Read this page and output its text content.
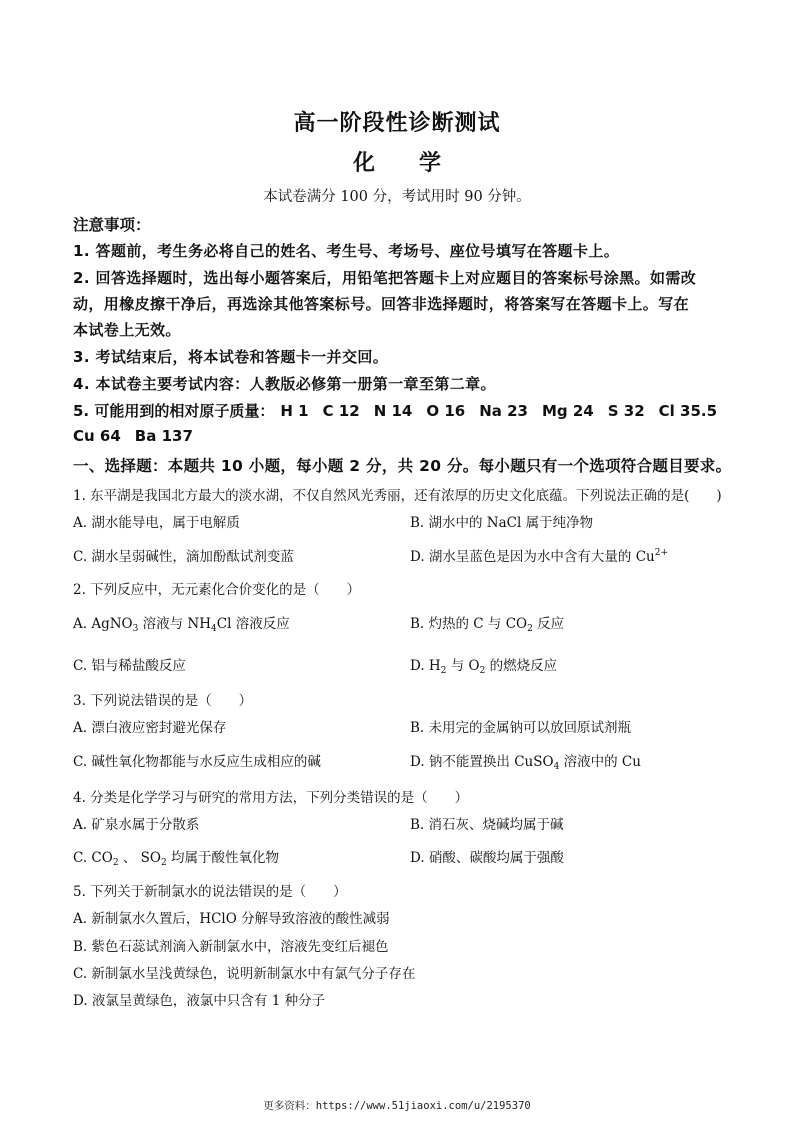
高一阶段性诊断测试
化 学
本试卷满分 100 分，考试用时 90 分钟。
注意事项：
1. 答题前，考生务必将自己的姓名、考生号、考场号、座位号填写在答题卡上。
2. 回答选择题时，选出每小题答案后，用铅笔把答题卡上对应题目的答案标号涂黑。如需改
动，用橡皮擦干净后，再选涂其他答案标号。回答非选择题时，将答案写在答题卡上。写在
本试卷上无效。
3. 考试结束后，将本试卷和答题卡一并交回。
4. 本试卷主要考试内容：人教版必修第一册第一章至第二章。
5. 可能用到的相对原子质量： H 1 C 12 N 14 O 16 Na 23 Mg 24 S 32 Cl 35.5
Cu 64 Ba 137
一、选择题：本题共 10 小题，每小题 2 分，共 20 分。每小题只有一个选项符合题目要求。
1. 东平湖是我国北方最大的淡水湖，不仅自然风光秀丽，还有浓厚的历史文化底蕴。下列说法正确的是(　　)
A. 湖水能导电，属于电解质	B. 湖水中的 NaCl 属于纯净物
C. 湖水呈弱碱性，滴加酚酞试剂变蓝	D. 湖水呈蓝色是因为水中含有大量的 $Cu^{2+}$
2. 下列反应中，无元素化合价变化的是（　　）
A. AgNO$_3$ 溶液与 $NH_4Cl$ 溶液反应	B. 灼热的 C 与 $CO_2$ 反应
C. 铝与稀盐酸反应	D. $H_2$ 与 $O_2$ 的燃烧反应
3. 下列说法错误的是（　　）
A. 漂白液应密封避光保存	B. 未用完的金属钠可以放回原试剂瓶
C. 碱性氧化物都能与水反应生成相应的碱	D. 钠不能置换出 CuSO$_4$ 溶液中的 Cu
4. 分类是化学学习与研究的常用方法，下列分类错误的是（　　）
A. 矿泉水属于分散系	B. 消石灰、烧碱均属于碱
C. $CO_2$ 、 $SO_2$ 均属于酸性氧化物	D. 硝酸、碳酸均属于强酸
5. 下列关于新制氯水的说法错误的是（　　）
A. 新制氯水久置后，HClO 分解导致溶液的酸性减弱
B. 紫色石蕊试剂滴入新制氯水中，溶液先变红后褪色
C. 新制氯水呈浅黄绿色，说明新制氯水中有氯气分子存在
D. 液氯呈黄绿色，液氯中只含有 1 种分子
更多资料：https://www.51jiaoxi.com/u/2195370
